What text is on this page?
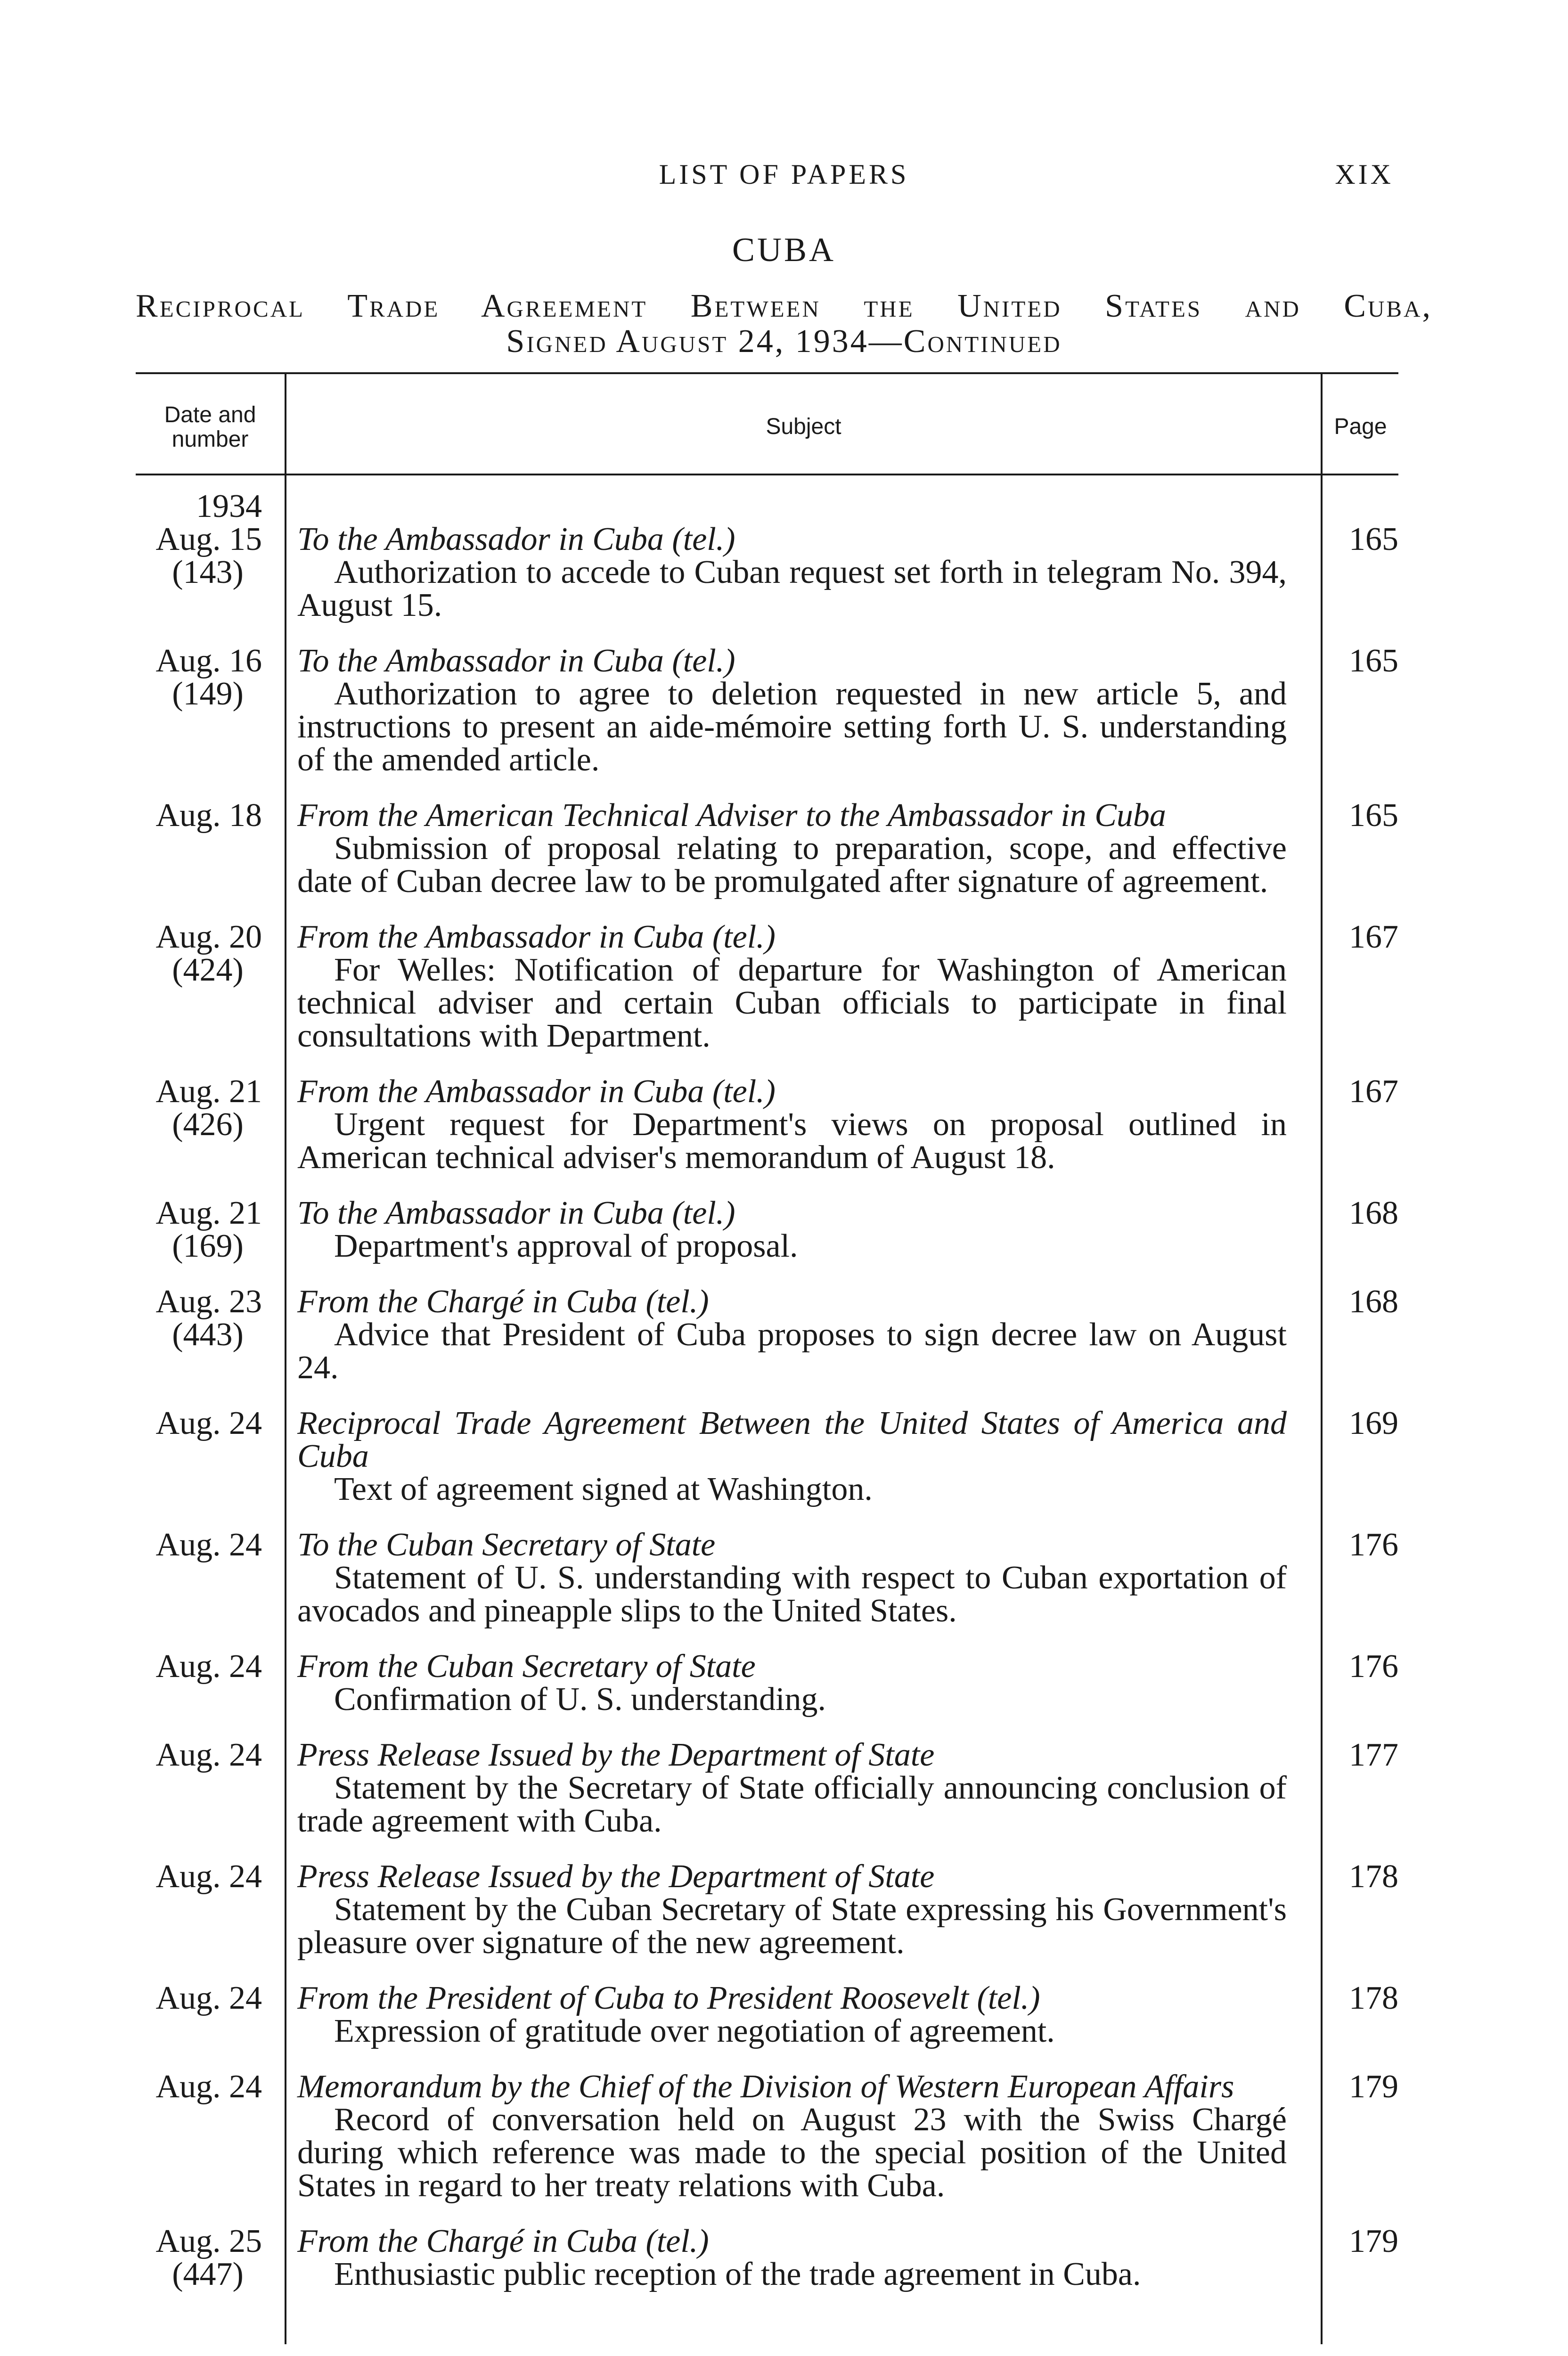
LIST OF PAPERS	XIX
CUBA
Reciprocal Trade Agreement Between the United States and Cuba,
Signed August 24, 1934—Continued
Date and
number
Subject	Page
1934
Aug. 15
(143)
To the Ambassador in Cuba (tel.)
Authorization to accede to Cuban request set forth in telegram No. 394, August 15.
165
Aug. 16
(149)
To the Ambassador in Cuba (tel.)
Authorization to agree to deletion requested in new article 5, and instructions to present an aide-mémoire setting forth U. S. understanding of the amended article.
165
Aug. 18 From the American Technical Adviser to the Ambassador in Cuba
Submission of proposal relating to preparation, scope, and effective date of Cuban decree law to be promulgated after signature of agreement.
165
Aug. 20
(424)
From the Ambassador in Cuba (tel.)
For Welles: Notification of departure for Washington of American technical adviser and certain Cuban officials to participate in final consultations with Department.
167
Aug. 21
(426)
From the Ambassador in Cuba (tel.)
Urgent request for Department's views on proposal outlined in American technical adviser's memorandum of August 18.
167
Aug. 21
(169)
To the Ambassador in Cuba (tel.)
Department's approval of proposal.
168
Aug. 23
(443)
From the Chargé in Cuba (tel.)
Advice that President of Cuba proposes to sign decree law on August 24.
168
Aug. 24 Reciprocal Trade Agreement Between the United States of America and Cuba
Text of agreement signed at Washington.
169
Aug. 24 To the Cuban Secretary of State
Statement of U. S. understanding with respect to Cuban exportation of avocados and pineapple slips to the United States.
176
Aug. 24 From the Cuban Secretary of State
Confirmation of U. S. understanding.
176
Aug. 24 Press Release Issued by the Department of State
Statement by the Secretary of State officially announcing conclusion of trade agreement with Cuba.
177
Aug. 24 Press Release Issued by the Department of State
Statement by the Cuban Secretary of State expressing his Government's pleasure over signature of the new agreement.
178
Aug. 24 From the President of Cuba to President Roosevelt (tel.)
Expression of gratitude over negotiation of agreement.
178
Aug. 24 Memorandum by the Chief of the Division of Western European Affairs
Record of conversation held on August 23 with the Swiss Chargé during which reference was made to the special position of the United States in regard to her treaty relations with Cuba.
179
Aug. 25
(447)
From the Chargé in Cuba (tel.)
Enthusiastic public reception of the trade agreement in Cuba.
179
